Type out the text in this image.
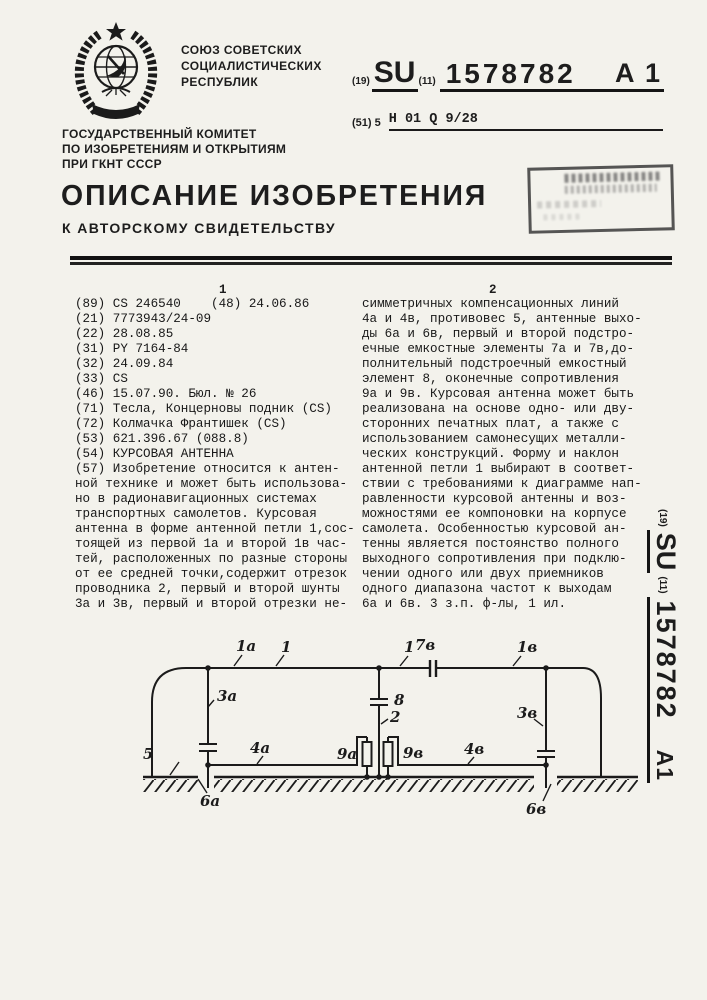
СОЮЗ СОВЕТСКИХ
СОЦИАЛИСТИЧЕСКИХ
РЕСПУБЛИК
ГОСУДАРСТВЕННЫЙ КОМИТЕТ
ПО ИЗОБРЕТЕНИЯМ И ОТКРЫТИЯМ
ПРИ ГКНТ СССР
ОПИСАНИЕ ИЗОБРЕТЕНИЯ
К АВТОРСКОМУ СВИДЕТЕЛЬСТВУ
(19) SU (11) 1578782 A 1
(51) 5 H 01 Q 9/28
1	2
(89) CS 246540    (48) 24.06.86
(21) 7773943/24-09
(22) 28.08.85
(31) PY 7164-84
(32) 24.09.84
(33) CS
(46) 15.07.90. Бюл. № 26
(71) Тесла, Концерновы подник (CS)
(72) Колмачка Франтишек (CS)
(53) 621.396.67 (088.8)
(54) КУРСОВАЯ АНТЕННА
(57) Изобретение относится к антен-
ной технике и может быть использова-
но в радионавигационных системах
транспортных самолетов. Курсовая
антенна в форме антенной петли 1,сос-
тоящей из первой 1а и второй 1в час-
тей, расположенных по разные стороны
от ее средней точки,содержит отрезок
проводника 2, первый и второй шунты
3а и 3в, первый и второй отрезки не-
симметричных компенсационных линий
4а и 4в, противовес 5, антенные выхо-
ды 6а и 6в, первый и второй подстро-
ечные емкостные элементы 7а и 7в,до-
полнительный подстроечный емкостный
элемент 8, оконечные сопротивления
9а и 9в. Курсовая антенна может быть
реализована на основе одно- или дву-
сторонних печатных плат, а также с
использованием самонесущих металли-
ческих конструкций. Форму и наклон
антенной петли 1 выбирают в соответ-
ствии с требованиями к диаграмме нап-
равленности курсовой антенны и воз-
можностями ее компоновки на корпусе
самолета. Особенностью курсовой ан-
тенны является постоянство полного
выходного сопротивления при подклю-
чении одного или двух приемников
одного диапазона частот к выходам
6а и 6в. 3 з.п. ф-лы, 1 ил.
1а 1	1 7в	1в
3а	8
2	3в
9а	9в
4а	4в
5
6а	6в
(19)
SU
(11)
1578782
A1
